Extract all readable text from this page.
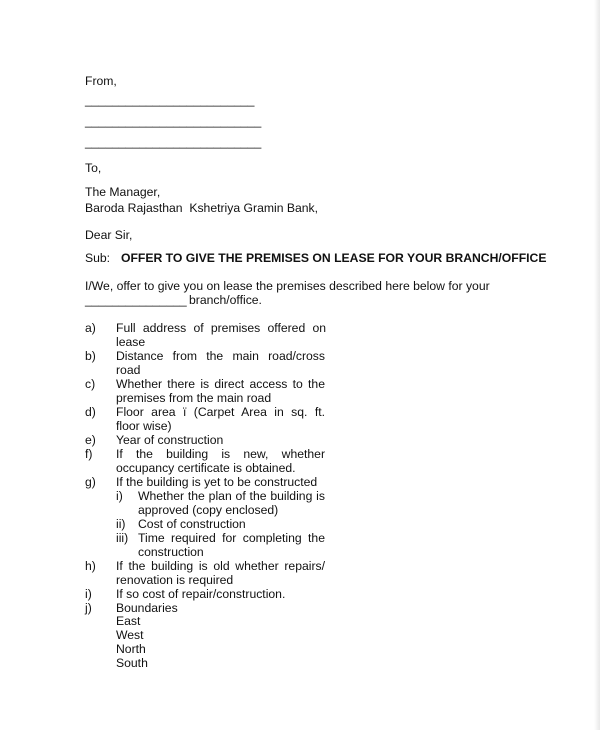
From,
_________________________
__________________________
__________________________
To,
The Manager,
Baroda Rajasthan  Kshetriya Gramin Bank,
Dear Sir,
Sub: OFFER TO GIVE THE PREMISES ON LEASE FOR YOUR BRANCH/OFFICE
I/We, offer to give you on lease the premises described here below for your
_______________ branch/office.
a) Full address of premises offered on
lease
b) Distance from the main road/cross
road
c) Whether there is direct access to the
premises from the main road
d) Floor area ï (Carpet Area in sq. ft.
floor wise)
e) Year of construction
f) If the building is new, whether
occupancy certificate is obtained.
g) If the building is yet to be constructed
i) Whether the plan of the building is
approved (copy enclosed)
ii) Cost of construction
iii) Time required for completing the
construction
h) If the building is old whether repairs/
renovation is required
i) If so cost of repair/construction.
j) Boundaries
East
West
North
South
